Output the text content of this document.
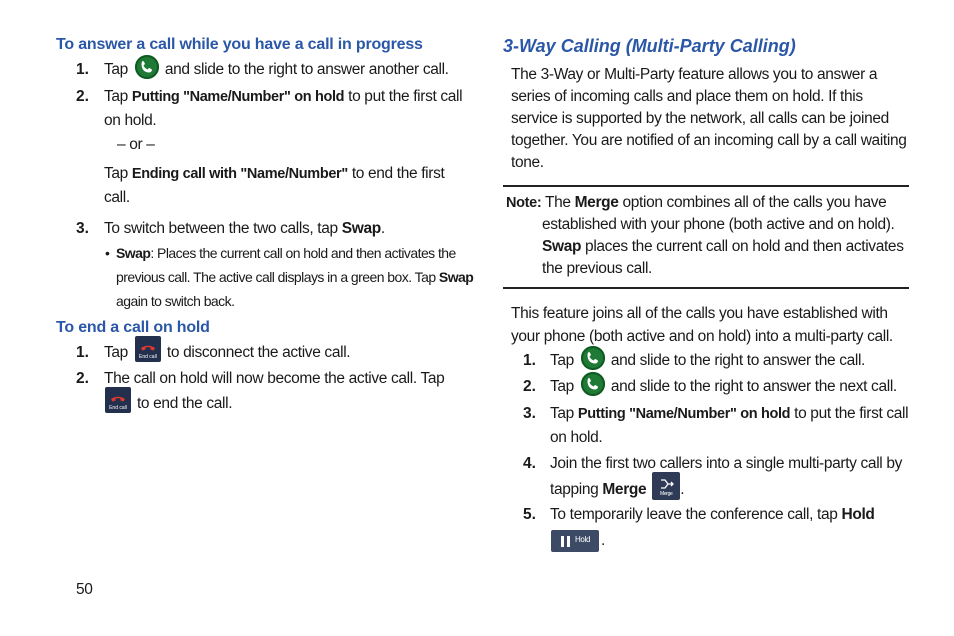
To answer a call while you have a call in progress
1. Tap and slide to the right to answer another call.
2. Tap Putting "Name/Number" on hold to put the first call
on hold.
– or –
Tap Ending call with "Name/Number" to end the first
call.
3. To switch between the two calls, tap Swap.
• Swap: Places the current call on hold and then activates the
previous call. The active call displays in a green box. Tap Swap
again to switch back.
To end a call on hold
1. Tap	End call to disconnect the active call.
2. The call on hold will now become the active call. Tap
End call to end the call.
3-Way Calling (Multi-Party Calling)
The 3-Way or Multi-Party feature allows you to answer a
series of incoming calls and place them on hold. If this
service is supported by the network, all calls can be joined
together. You are notified of an incoming call by a call waiting
tone.
Note: The Merge option combines all of the calls you have
established with your phone (both active and on hold).
Swap places the current call on hold and then activates
the previous call.
This feature joins all of the calls you have established with
your phone (both active and on hold) into a multi-party call.
1. Tap and slide to the right to answer the call.
2. Tap and slide to the right to answer the next call.
3. Tap Putting "Name/Number" on hold to put the first call
on hold.
4. Join the first two callers into a single multi-party call by
tapping Merge	Merge .
5. To temporarily leave the conference call, tap Hold
Hold .
50
